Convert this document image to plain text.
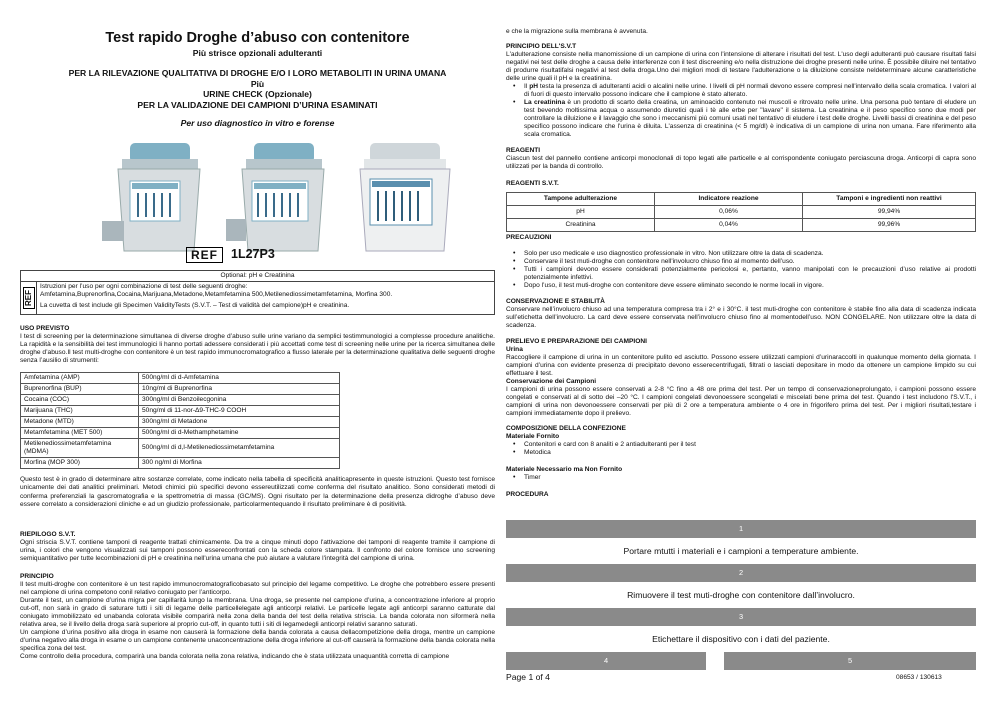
Test rapido Droghe d’abuso con contenitore
Più strisce opzionali adulteranti
PER LA RILEVAZIONE QUALITATIVA DI DROGHE E/O I LORO METABOLITI IN URINA UMANA
Più
URINE CHECK (Opzionale)
PER LA VALIDAZIONE DEI CAMPIONI D’URINA ESAMINATI
Per uso diagnostico in vitro e forense
REF	1L27P3
Optional: pH e Creatinina
REF

Istruzioni per l’uso per ogni combinazione di test delle seguenti droghe:

Amfetamina,Buprenorfina,Cocaina,Marijuana,Metadone,Metamfetamina 500,Metilenediossimetamfetamina, Morfina 300.

La cuvetta di test include gli Specimen ValidityTests (S.V.T. – Test di validità del campione)pH e creatinina.

USO PREVISTO

I test di screening per la determinazione simultanea di diverse droghe d’abuso sulle urine variano da semplici testimmunologici a complesse procedure analitiche. La rapidità e la sensibilità dei test immunologici li hanno portati adessere considerati i più accettati come test di screening nelle urine per la ricerca simultanea delle droghe d’abuso.Il test multi-droghe con contenitore è un test rapido immunocromatografico a flusso laterale per la determinazione qualitativa delle seguenti droghe senza l’ausilio di strumenti:

Amfetamina (AMP)	500ng/ml di d-Amfetamina
Buprenorfina (BUP)	10ng/ml di Buprenorfina
Cocaina (COC)	300ng/ml di Benzoilecgonina
Marijuana (THC)	50ng/ml di 11-nor-Δ9-THC-9 COOH
Metadone (MTD)	300ng/ml di Metadone
Metamfetamina (MET 500)	500ng/ml di d-Methamphetamine
Metilenediossimetamfetamina (MDMA)	500ng/ml di d,l-Metilenediossimetamfetamina
Morfina (MOP 300)	300 ng/ml di Morfina

Questo test è in grado di determinare altre sostanze correlate, come indicato nella tabella di specificità analiticapresente in queste istruzioni. Questo test fornisce unicamente dei dati analitici preliminari. Metodi chimici più specifici devono essereutilizzati come conferma del risultato analitico. Sono considerati metodi di conferma preferenziali la gascromatografia e la spettrometria di massa (GC/MS). Ogni risultato per la determinazione della presenza didroghe d’abuso deve essere correlato a considerazioni cliniche e ad un giudizio professionale, particolarmentequando il risultato preliminare è di positività.

RIEPILOGO S.V.T.

Ogni striscia S.V.T. contiene tamponi di reagente trattati chimicamente. Da tre a cinque minuti dopo l'attivazione dei tamponi di reagente tramite il campione di urina, i colori che vengono visualizzati sui tamponi possono essereconfrontati con la scheda colore stampata. Il confronto del colore fornisce uno screening semiquantitativo per tutte lecombinazioni di pH e creatinina nell'urina umana che può aiutare a valutare l'integrità del campione di urina.

PRINCIPIO

Il test multi-droghe con contenitore è un test rapido immunocromatograficobasato sul principio del legame competitivo. Le droghe che potrebbero essere presenti nel campione di urina competono conil relativo coniugato per l’anticorpo.

Durante il test, un campione d’urina migra per capillarità lungo la membrana. Una droga, se presente nel campione d’urina, a concentrazione inferiore al proprio cut-off, non sarà in grado di saturare tutti i siti di legame delle particellelegate agli anticorpi relativi. Le particelle legate agli anticorpi saranno catturate dal coniugato immobilizzato ed unabanda colorata visibile comparirà nella zona della banda del test della relativa striscia. La banda colorata non siformerà nella relativa area, se il livello della droga sarà superiore al proprio cut-off, in quanto tutti i siti di legamedegli anticorpi relativi saranno saturati.

Un campione d’urina positivo alla droga in esame non causerà la formazione della banda colorata a causa dellacompetizione della droga, mentre un campione d’urina negativo alla droga in esame o un campione contenente unaconcentrazione della droga inferiore al cut-off causerà la formazione della banda colorata nella specifica zona del test.

Come controllo della procedura, comparirà una banda colorata nella zona relativa, indicando che è stata utilizzata unaquantità corretta di campione

e che la migrazione sulla membrana è avvenuta.

PRINCIPIO DELL'S.V.T

L'adulterazione consiste nella manomissione di un campione di urina con l'intensione di alterare i risultati del test. L'uso degli adulteranti può causare risultati falsi negativi nei test delle droghe a causa delle interferenze con il test discreening e/o nella distruzione dei droghe presenti nelle urine. È possibile diluire nel tentativo di produrre risultatifalsi negativi al test della droga.Uno dei migliori modi di testare l'adulterazione o la diluizione consiste neldeterminare alcune caratteristiche delle urine quali il pH e la creatinina.

• Il pH testa la presenza di adulteranti acidi o alcalini nelle urine. I livelli di pH normali devono essere compresi nell'intervallo della scala cromatica. I valori al di fuori di questo intervallo possono indicare che il campione è stato alterato.
• La creatinina è un prodotto di scarto della creatina, un aminoacido contenuto nei muscoli e ritrovato nelle urine. Una persona può tentare di eludere un test bevendo moltissima acqua o assumendo diuretici quali i tè alle erbe per "lavare" il sistema. La creatinina e il peso specifico sono due modi per controllare la diluizione e il lavaggio che sono i meccanismi più comuni usati nel tentativo di eludere i test delle droghe. Livelli bassi di creatinina e del peso specifico possono indicare che l'urina è diluita. L'assenza di creatinina (< 5 mg/dl) è indicativa di un campione di urina non umana. Fare riferimento alla scala cromatica.
REAGENTI

Ciascun test del pannello contiene anticorpi monoclonali di topo legati alle particelle e al corrispondente coniugato perciascuna droga. Anticorpi di capra sono utilizzati per la banda di controllo.

REAGENTI S.V.T.
Tampone adulterazione	Indicatore reazione	Tamponi e ingredienti non reattivi
pH	0,06%	99,94%
Creatinina	0,04%	99,96%
PRECAUZIONI
• Solo per uso medicale e uso diagnostico professionale in vitro. Non utilizzare oltre la data di scadenza.
• Conservare il test muti-droghe con contenitore nell'involucro chiuso fino al momento dell’uso.
• Tutti i campioni devono essere considerati potenzialmente pericolosi e, pertanto, vanno manipolati con le precauzioni d’uso relative ai prodotti potenzialmente infettivi.
• Dopo l’uso, il test muti-droghe con contenitore deve essere eliminato secondo le norme locali in vigore.
CONSERVAZIONE E STABILITÀ

Conservare nell’involucro chiuso ad una temperatura compresa tra i 2° e i 30°C. il test muti-droghe con contenitore è stabile fino alla data di scadenza indicata sull’etichetta dell’involucro. La card deve essere conservata nell’involucro chiuso fino al momentodell’uso. NON CONGELARE. Non utilizzare oltre la data di scadenza.

PRELIEVO E PREPARAZIONE DEI CAMPIONI
Urina

Raccogliere il campione di urina in un contenitore pulito ed asciutto. Possono essere utilizzati campioni d’urinaraccolti in qualunque momento della giornata. I campioni d’urina con evidente presenza di precipitato devono esserecentrifugati, filtrati o lasciati depositare in modo da ottenere un campione limpido su cui effettuare il test.

Conservazione dei Campioni

I campioni di urina possono essere conservati a 2-8 °C fino a 48 ore prima del test. Per un tempo di conservazioneprolungato, i campioni possono essere congelati e conservati al di sotto dei –20 °C. I campioni congelati devonoessere scongelati e miscelati bene prima del test. Quando i test includono l'S.V.T., i campioni di urina non devonoessere conservati per più di 2 ore a temperatura ambiente o 4 ore in frigorifero prima del test. Per i migliori risultati,testare i campioni immediatamente dopo il prelievo.

COMPOSIZIONE DELLA CONFEZIONE
Materiale Fornito
• Contenitori e card con 8 analiti e 2 antiadulteranti per il test
• Metodica
Materiale Necessario ma Non Fornito
• Timer
PROCEDURA
1
Portare mtutti i materiali e i campioni a temperature ambiente.
2
Rimuovere il test muti-droghe con contenitore dall’involucro.
3
Etichettare il dispositivo con i dati del paziente.
4	5
Page 1 of 4	08653 / 130613
